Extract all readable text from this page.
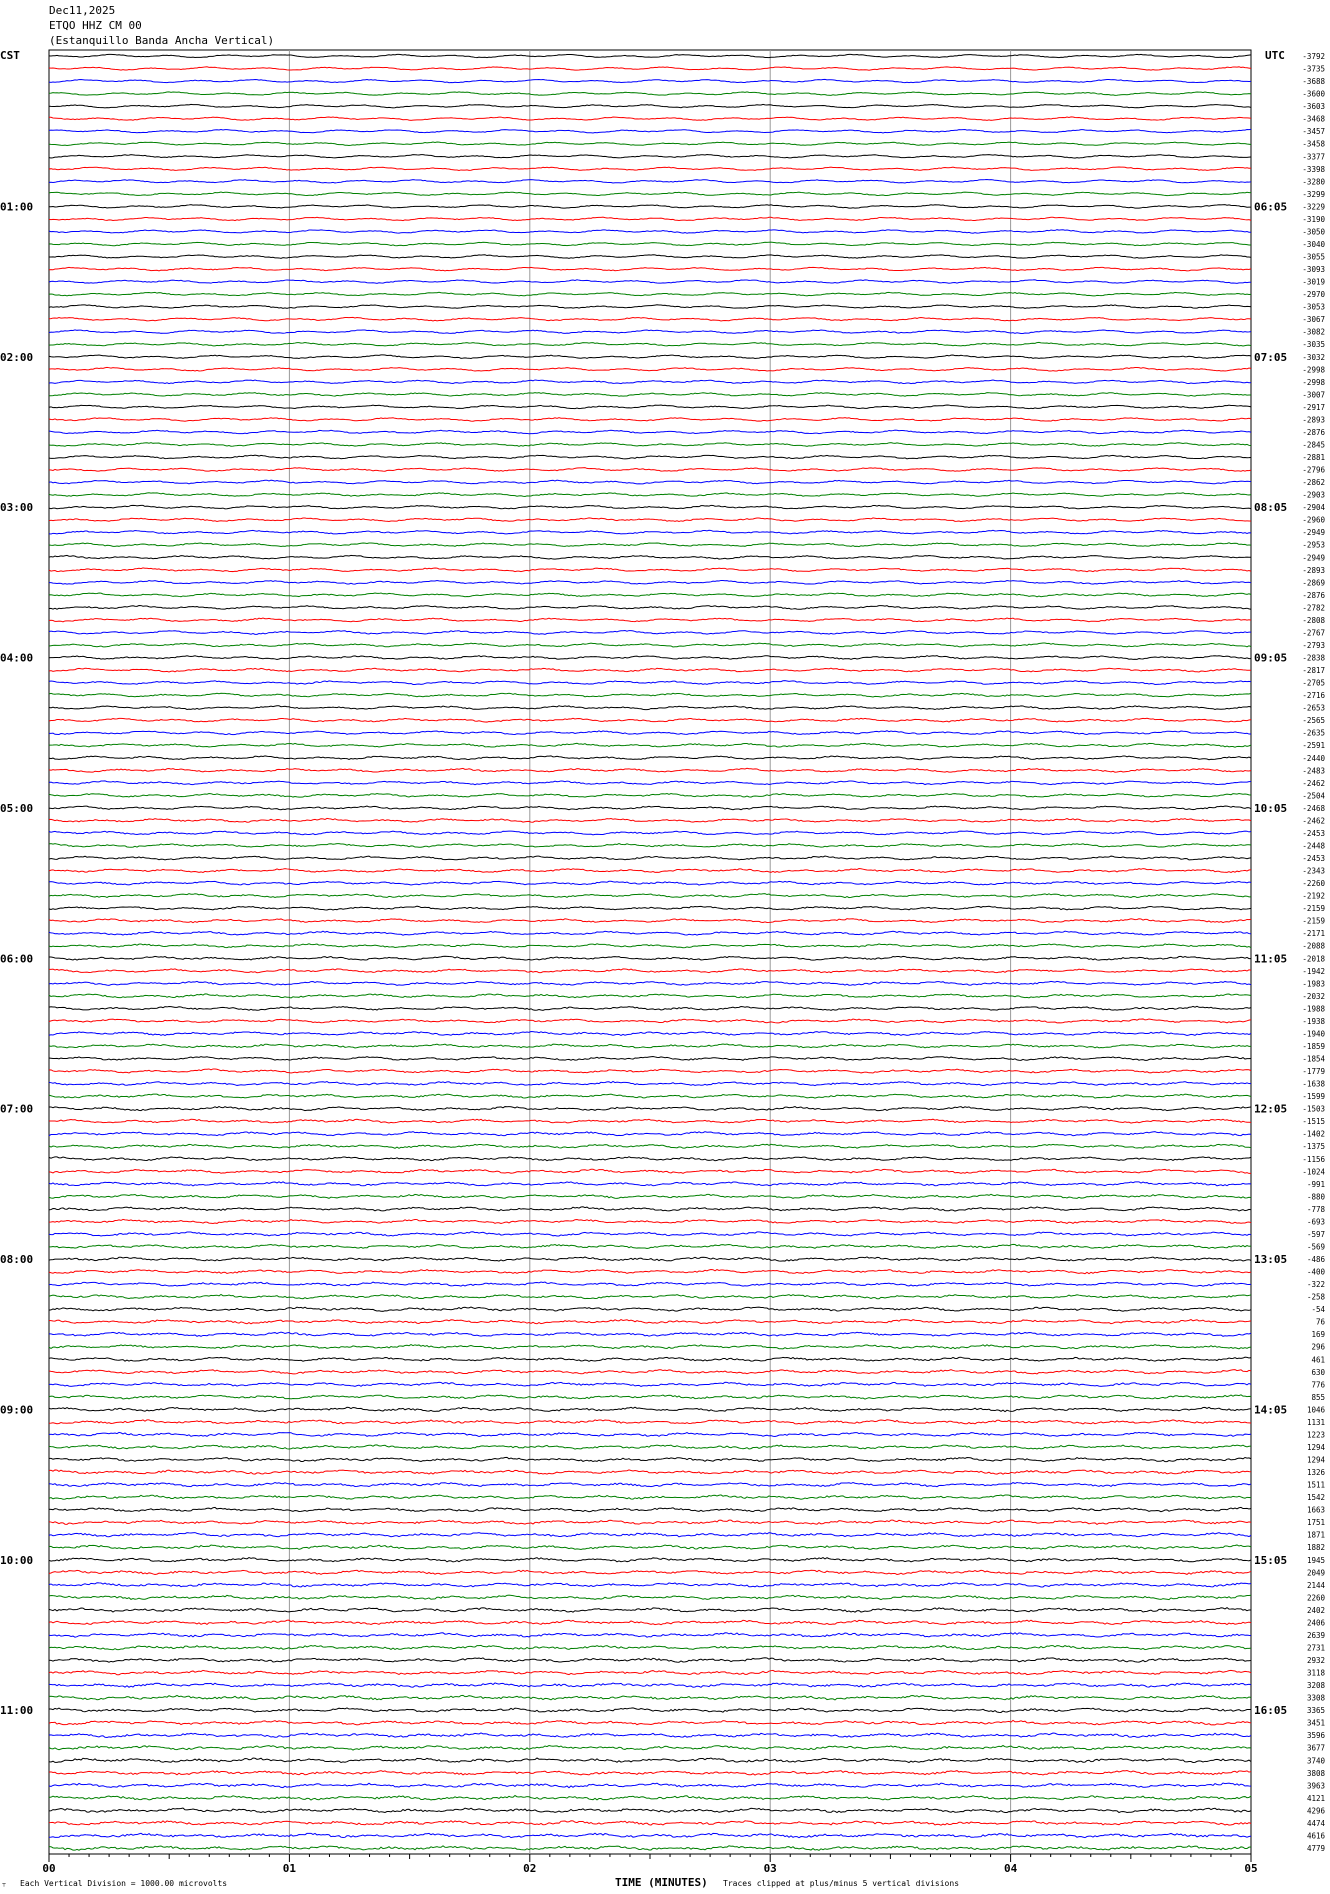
Dec11,2025
ETQO HHZ CM 00
(Estanquillo Banda Ancha Vertical)
CST	UTC -3792
-3735
-3688
-3600
-3603
-3468
-3457
-3458
-3377
-3398
-3280
-3299
-3229
-3190
-3050
-3040
-3055
-3093
-3019
-2970
-3053
-3067
-3082
-3035
-3032
-2998
-2998
-3007
-2917
-2893
-2876
-2845
-2881
-2796
-2862
-2903
-2904
-2960
-2949
-2953
-2949
-2893
-2869
-2876
-2782
-2808
-2767
-2793
-2838
-2817
-2705
-2716
-2653
-2565
-2635
-2591
-2440
-2483
-2462
-2504
-2468
-2462
-2453
-2448
-2453
-2343
-2260
-2192
-2159
-2159
-2171
-2088
-2018
-1942
-1983
-2032
-1988
-1938
-1940
-1859
-1854
-1779
-1638
-1599
-1503
-1515
-1402
-1375
-1156
-1024
-991
-880
-778
-693
-597
-569
-486
-400
-322
-258
-54
76
169
296
461
630
776
855
1046
1131
1223
1294
1294
1326
1511
1542
1663
1751
1871
1882
1945
2049
2144
2260
2402
2406
2639
2731
2932
3118
3208
3308
3365
3451
3596
3677
3740
3808
3963
4121
4296
4474
4616
4779
01:00	06:05
02:00	07:05
03:00	08:05
04:00	09:05
05:00	10:05
06:00	11:05
07:00	12:05
08:00	13:05
09:00	14:05
10:00	15:05
11:00	16:05
00	01	02	03	04	05
TIME (MINUTES)
Each Vertical Division = 1000.00 microvolts	Traces clipped at plus/minus 5 vertical divisions
⸆
